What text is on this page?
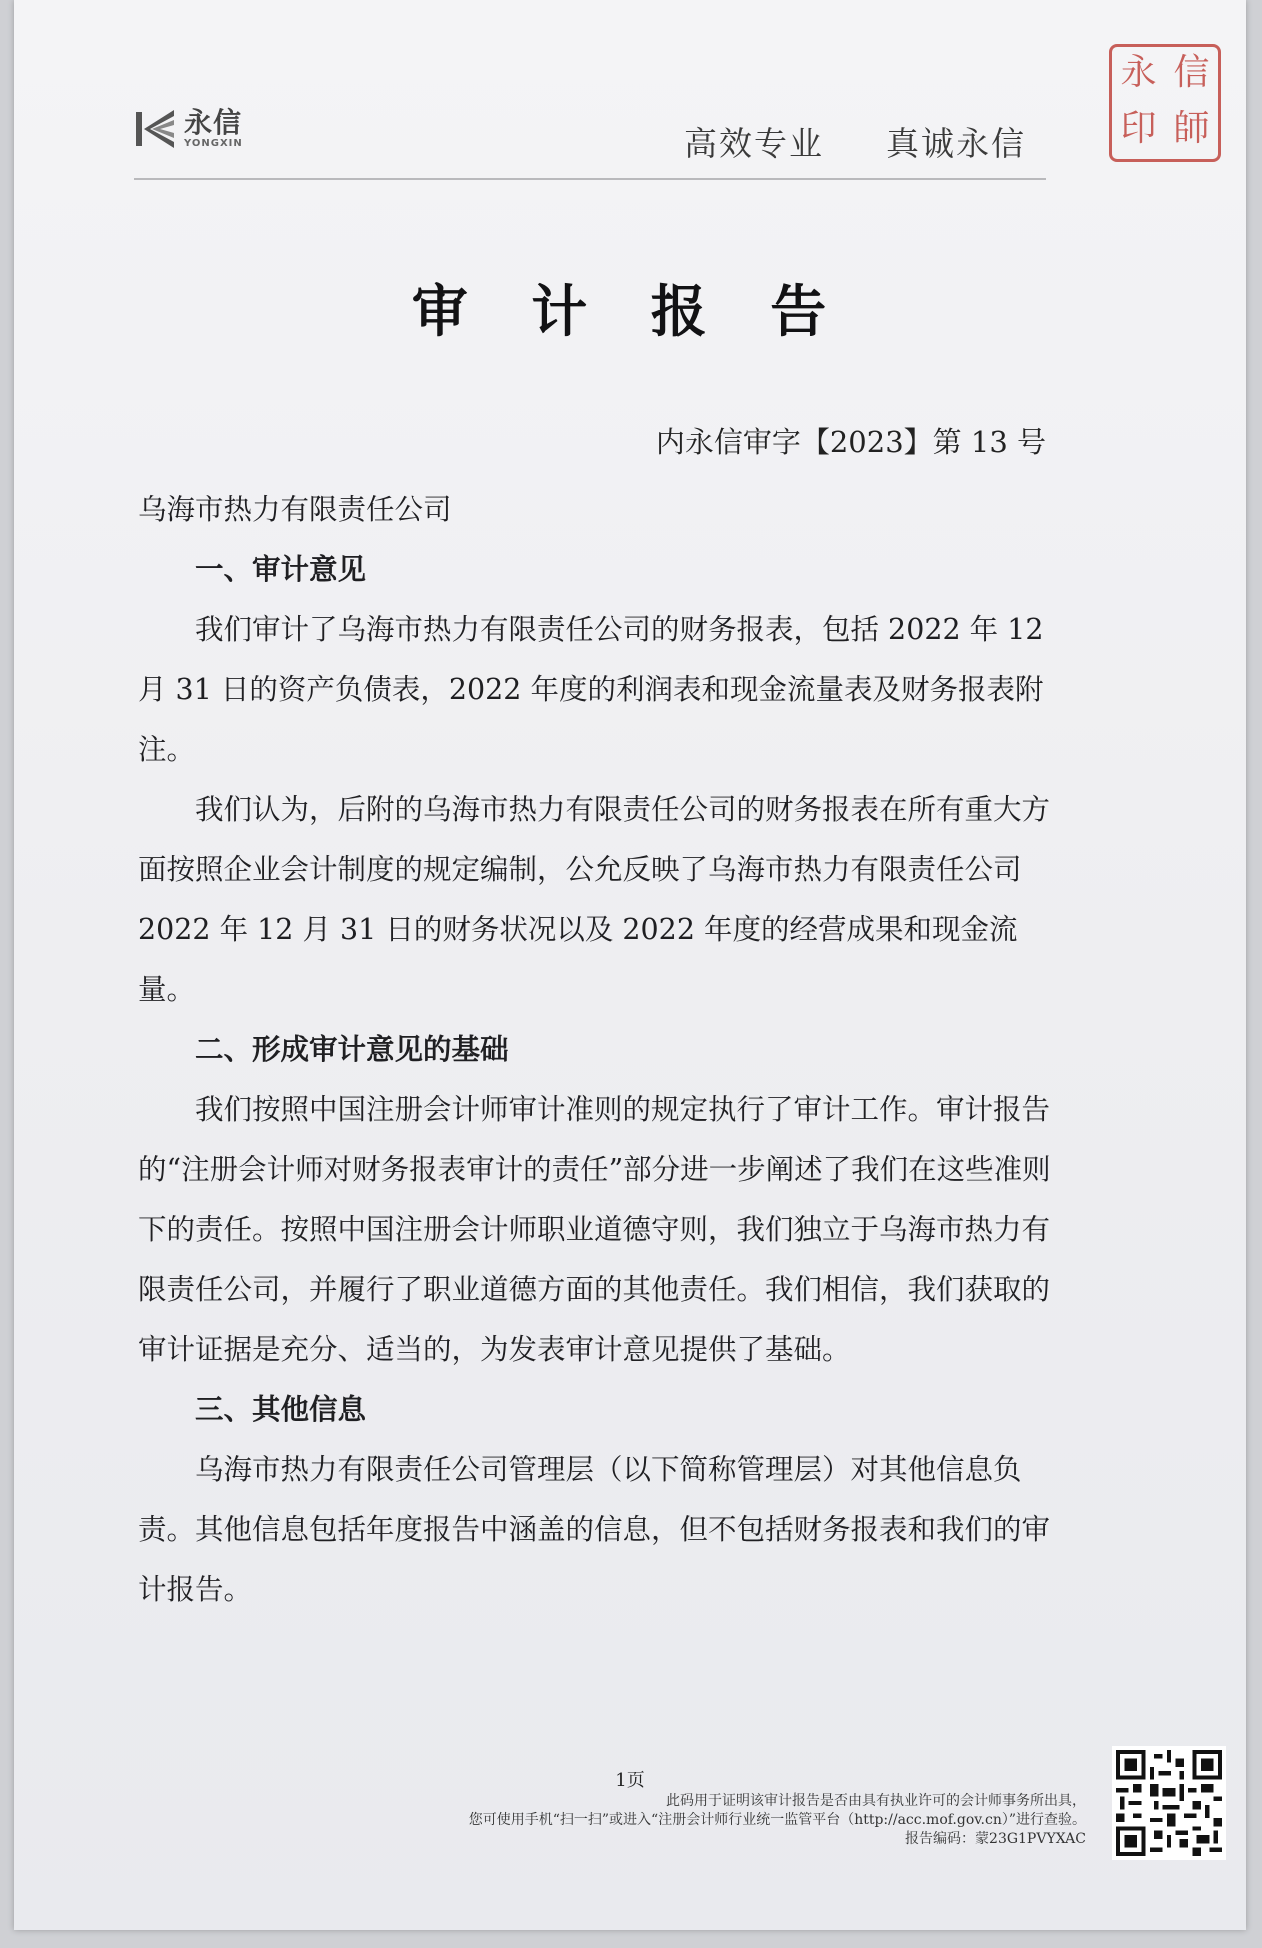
永信
YONGXIN	高效专业 真诚永信
永 信
印 師
审 计 报 告
内永信审字【2023】第 13 号

乌海市热力有限责任公司

一、审计意见

我们审计了乌海市热力有限责任公司的财务报表，包括 2022 年 12 月 31 日的资产负债表，2022 年度的利润表和现金流量表及财务报表附注。

我们认为，后附的乌海市热力有限责任公司的财务报表在所有重大方面按照企业会计制度的规定编制，公允反映了乌海市热力有限责任公司 2022 年 12 月 31 日的财务状况以及 2022 年度的经营成果和现金流量。

二、形成审计意见的基础

我们按照中国注册会计师审计准则的规定执行了审计工作。审计报告的“注册会计师对财务报表审计的责任”部分进一步阐述了我们在这些准则下的责任。按照中国注册会计师职业道德守则，我们独立于乌海市热力有限责任公司，并履行了职业道德方面的其他责任。我们相信，我们获取的审计证据是充分、适当的，为发表审计意见提供了基础。

三、其他信息

乌海市热力有限责任公司管理层（以下简称管理层）对其他信息负责。其他信息包括年度报告中涵盖的信息，但不包括财务报表和我们的审计报告。

1页
此码用于证明该审计报告是否由具有执业许可的会计师事务所出具，
您可使用手机“扫一扫”或进入“注册会计师行业统一监管平台（http://acc.mof.gov.cn）”进行查验。
报告编码：蒙23G1PVYXAC
